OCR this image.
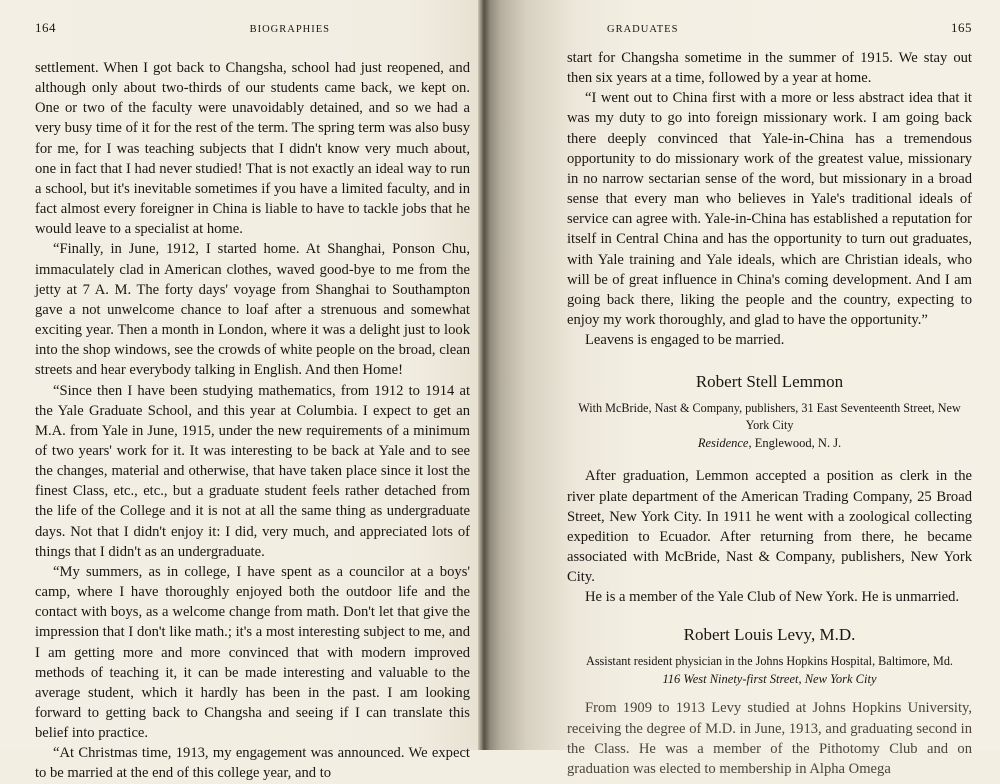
164	BIOGRAPHIES

settlement. When I got back to Changsha, school had just reopened, and although only about two-thirds of our students came back, we kept on. One or two of the faculty were unavoidably detained, and so we had a very busy time of it for the rest of the term. The spring term was also busy for me, for I was teaching subjects that I didn't know very much about, one in fact that I had never studied! That is not exactly an ideal way to run a school, but it's inevitable sometimes if you have a limited faculty, and in fact almost every foreigner in China is liable to have to tackle jobs that he would leave to a specialist at home.

“Finally, in June, 1912, I started home. At Shanghai, Ponson Chu, immaculately clad in American clothes, waved good-bye to me from the jetty at 7 A. M. The forty days' voyage from Shanghai to Southampton gave a not unwelcome chance to loaf after a strenuous and somewhat exciting year. Then a month in London, where it was a delight just to look into the shop windows, see the crowds of white people on the broad, clean streets and hear everybody talking in English. And then Home!

“Since then I have been studying mathematics, from 1912 to 1914 at the Yale Graduate School, and this year at Columbia. I expect to get an M.A. from Yale in June, 1915, under the new requirements of a minimum of two years' work for it. It was interesting to be back at Yale and to see the changes, material and otherwise, that have taken place since it lost the finest Class, etc., etc., but a graduate student feels rather detached from the life of the College and it is not at all the same thing as undergraduate days. Not that I didn't enjoy it: I did, very much, and appreciated lots of things that I didn't as an undergraduate.

“My summers, as in college, I have spent as a councilor at a boys' camp, where I have thoroughly enjoyed both the outdoor life and the contact with boys, as a welcome change from math. Don't let that give the impression that I don't like math.; it's a most interesting subject to me, and I am getting more and more convinced that with modern improved methods of teaching it, it can be made interesting and valuable to the average student, which it hardly has been in the past. I am looking forward to getting back to Changsha and seeing if I can translate this belief into practice.

“At Christmas time, 1913, my engagement was announced. We expect to be married at the end of this college year, and to

GRADUATES	165

start for Changsha sometime in the summer of 1915. We stay out then six years at a time, followed by a year at home.

“I went out to China first with a more or less abstract idea that it was my duty to go into foreign missionary work. I am going back there deeply convinced that Yale-in-China has a tremendous opportunity to do missionary work of the greatest value, missionary in no narrow sectarian sense of the word, but missionary in a broad sense that every man who believes in Yale's traditional ideals of service can agree with. Yale-in-China has established a reputation for itself in Central China and has the opportunity to turn out graduates, with Yale training and Yale ideals, which are Christian ideals, who will be of great influence in China's coming development. And I am going back there, liking the people and the country, expecting to enjoy my work thoroughly, and glad to have the opportunity.”

Leavens is engaged to be married.

Robert Stell Lemmon
With McBride, Nast & Company, publishers, 31 East Seventeenth Street, New York City
Residence, Englewood, N. J.

After graduation, Lemmon accepted a position as clerk in the river plate department of the American Trading Company, 25 Broad Street, New York City. In 1911 he went with a zoological collecting expedition to Ecuador. After returning from there, he became associated with McBride, Nast & Company, publishers, New York City.

He is a member of the Yale Club of New York. He is unmarried.

Robert Louis Levy, M.D.
Assistant resident physician in the Johns Hopkins Hospital, Baltimore, Md.
116 West Ninety-first Street, New York City

From 1909 to 1913 Levy studied at Johns Hopkins University, receiving the degree of M.D. in June, 1913, and graduating second in the Class. He was a member of the Pithotomy Club and on graduation was elected to membership in Alpha Omega
